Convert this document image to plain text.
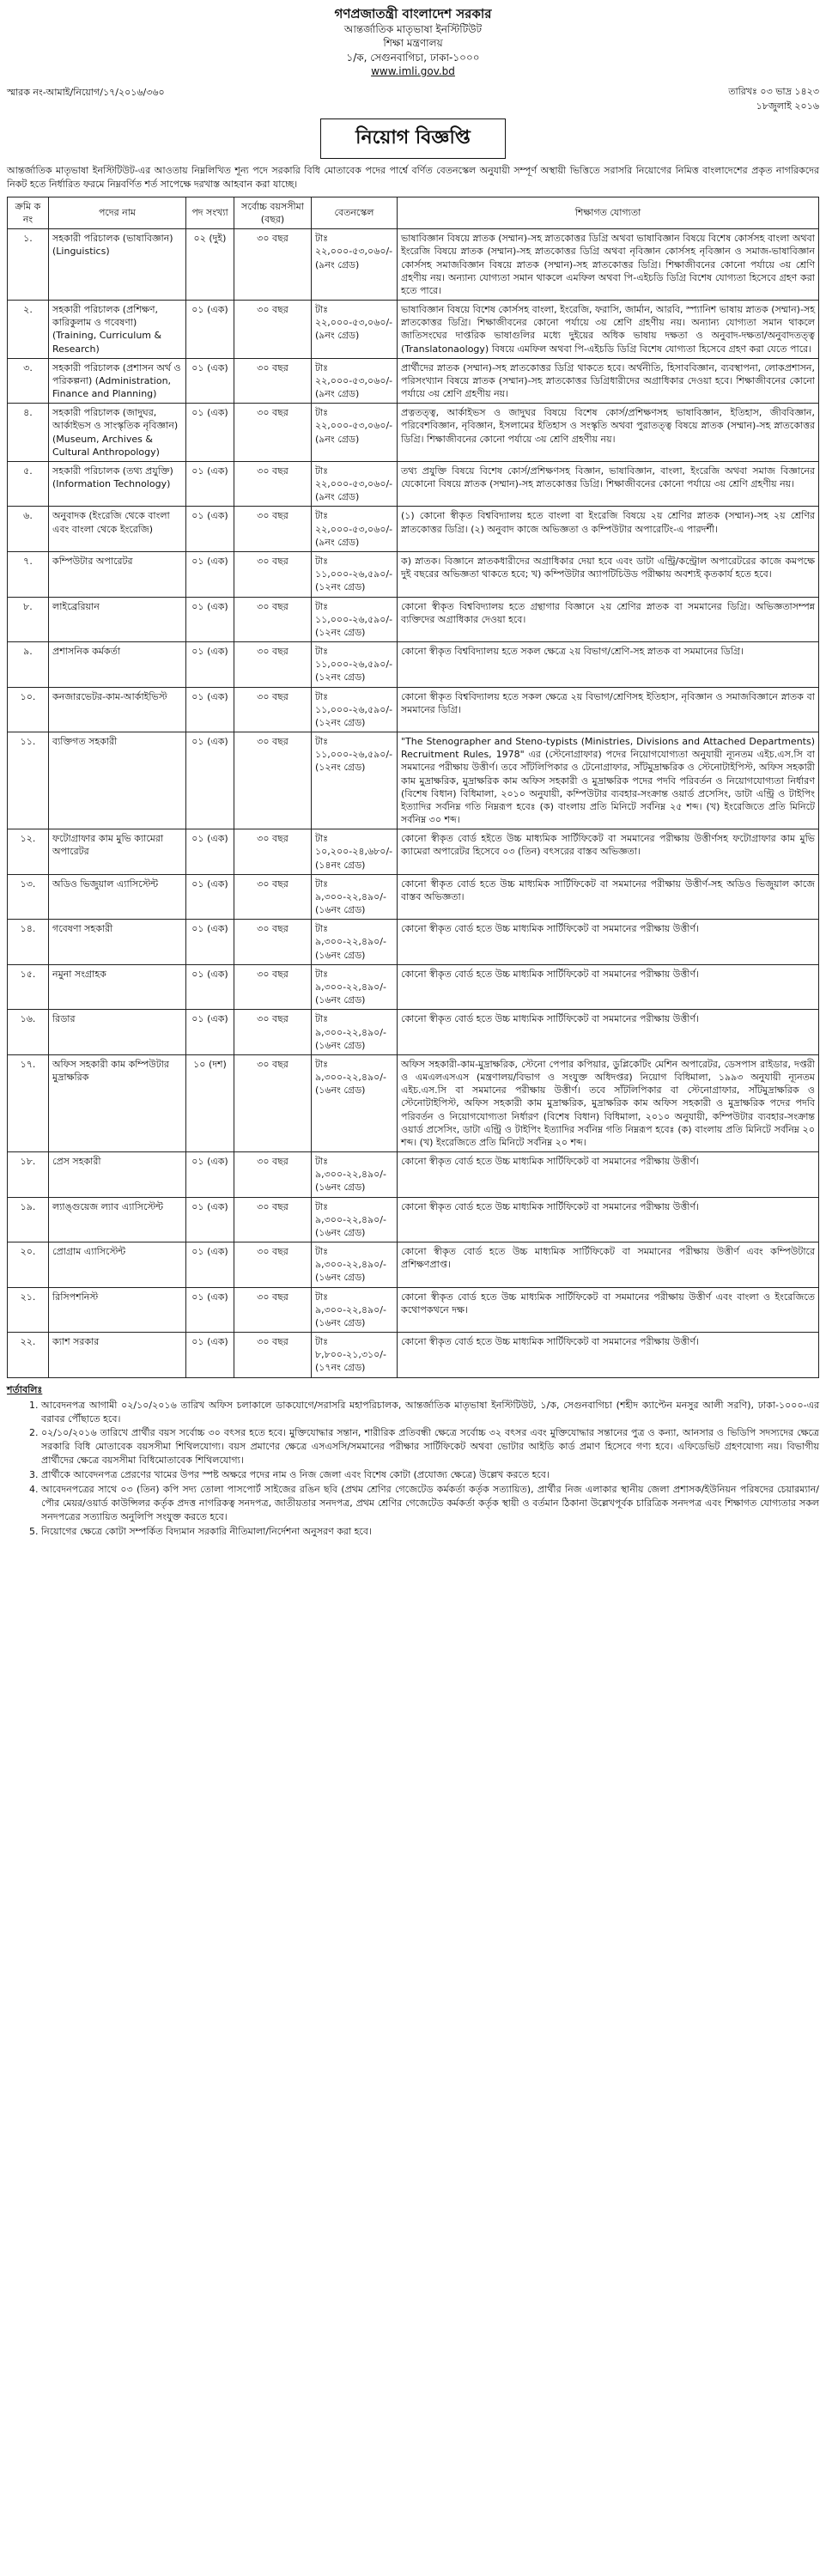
গণপ্রজাতন্ত্রী বাংলাদেশ সরকার
আন্তর্জাতিক মাতৃভাষা ইনস্টিটিউট
শিক্ষা মন্ত্রণালয়
১/ক, সেগুনবাগিচা, ঢাকা-১০০০
www.imli.gov.bd
স্মারক নং-আমাই/নিয়োগ/১৭/২০১৬/৩৬০	তারিখঃ ০৩ ভাদ্র ১৪২৩
১৮জুলাই ২০১৬
নিয়োগ বিজ্ঞপ্তি
আন্তর্জাতিক মাতৃভাষা ইনস্টিটিউট-এর আওতায় নিম্নলিখিত শূন্য পদে সরকারি বিধি মোতাবেক পদের পার্শ্বে বর্ণিত বেতনস্কেল অনুযায়ী সম্পূর্ণ অস্থায়ী ভিত্তিতে সরাসরি নিয়োগের নিমিত্ত বাংলাদেশের প্রকৃত নাগরিকদের নিকট হতে নির্ধারিত ফরমে নিম্নবর্ণিত শর্ত সাপেক্ষে দরখাস্ত আহবান করা যাচ্ছে।
ক্রমি ক নং	পদের নাম	পদ সংখ্যা	সর্বোচ্চ বয়সসীমা (বছর)	বেতনস্কেল	শিক্ষাগত যোগ্যতা
১.	সহকারী পরিচালক (ভাষাবিজ্ঞান) (Linguistics)	০২ (দুই)	৩০ বছর	টাঃ ২২,০০০-৫৩,০৬০/- (৯নং গ্রেড)	ভাষাবিজ্ঞান বিষয়ে স্নাতক (সম্মান)-সহ স্নাতকোত্তর ডিগ্রি অথবা ভাষাবিজ্ঞান বিষয়ে বিশেষ কোর্সসহ বাংলা অথবা ইংরেজি বিষয়ে স্নাতক (সম্মান)-সহ স্নাতকোত্তর ডিগ্রি অথবা নৃবিজ্ঞান কোর্সসহ নৃবিজ্ঞান ও সমাজ-ভাষাবিজ্ঞান কোর্সসহ সমাজবিজ্ঞান বিষয়ে স্নাতক (সম্মান)-সহ স্নাতকোত্তর ডিগ্রি। শিক্ষাজীবনের কোনো পর্যায়ে ৩য় শ্রেণি গ্রহণীয় নয়। অন্যান্য যোগ্যতা সমান থাকলে এমফিল অথবা পি-এইচডি ডিগ্রি বিশেষ যোগ্যতা হিসেবে গ্রহণ করা হতে পারে।
২.	সহকারী পরিচালক (প্রশিক্ষণ, কারিকুলাম ও গবেষণা) (Training, Curriculum & Research)	০১ (এক)	৩০ বছর	টাঃ ২২,০০০-৫৩,০৬০/- (৯নং গ্রেড)	ভাষাবিজ্ঞান বিষয়ে বিশেষ কোর্সসহ বাংলা, ইংরেজি, ফরাসি, জার্মান, আরবি, স্প্যানিশ ভাষায় স্নাতক (সম্মান)-সহ স্নাতকোত্তর ডিগ্রি। শিক্ষাজীবনের কোনো পর্যায়ে ৩য় শ্রেণি গ্রহণীয় নয়। অন্যান্য যোগ্যতা সমান থাকলে জাতিসংঘের দাপ্তরিক ভাষাগুলির মধ্যে দুইয়ের অধিক ভাষায় দক্ষতা ও অনুবাদ-দক্ষতা/অনুবাদতত্ত্ব (Translatonaology) বিষয়ে এমফিল অথবা পি-এইচডি ডিগ্রি বিশেষ যোগ্যতা হিসেবে গ্রহণ করা যেতে পারে।
৩.	সহকারী পরিচালক (প্রশাসন অর্থ ও পরিকল্পনা) (Administration, Finance and Planning)	০১ (এক)	৩০ বছর	টাঃ ২২,০০০-৫৩,০৬০/- (৯নং গ্রেড)	প্রার্থীদের স্নাতক (সম্মান)-সহ স্নাতকোত্তর ডিগ্রি থাকতে হবে। অর্থনীতি, হিসাববিজ্ঞান, ব্যবস্থাপনা, লোকপ্রশাসন, পরিসংখ্যান বিষয়ে স্নাতক (সম্মান)-সহ স্নাতকোত্তর ডিগ্রিধারীদের অগ্রাধিকার দেওয়া হবে। শিক্ষাজীবনের কোনো পর্যায়ে ৩য় শ্রেণি গ্রহণীয় নয়।
৪.	সহকারী পরিচালক (জাদুঘর, আর্কাইভস ও সাংস্কৃতিক নৃবিজ্ঞান) (Museum, Archives & Cultural Anthropology)	০১ (এক)	৩০ বছর	টাঃ ২২,০০০-৫৩,০৬০/- (৯নং গ্রেড)	প্রত্নতত্ত্ব, আর্কাইভস ও জাদুঘর বিষয়ে বিশেষ কোর্স/প্রশিক্ষণসহ ভাষাবিজ্ঞান, ইতিহাস, জীববিজ্ঞান, পরিবেশবিজ্ঞান, নৃবিজ্ঞান, ইসলামের ইতিহাস ও সংস্কৃতি অথবা পুরাতত্ত্ব বিষয়ে স্নাতক (সম্মান)-সহ স্নাতকোত্তর ডিগ্রি। শিক্ষাজীবনের কোনো পর্যায়ে ৩য় শ্রেণি গ্রহণীয় নয়।
৫.	সহকারী পরিচালক (তথ্য প্রযুক্তি) (Information Technology)	০১ (এক)	৩০ বছর	টাঃ ২২,০০০-৫৩,০৬০/- (৯নং গ্রেড)	তথ্য প্রযুক্তি বিষয়ে বিশেষ কোর্স/প্রশিক্ষণসহ বিজ্ঞান, ভাষাবিজ্ঞান, বাংলা, ইংরেজি অথবা সমাজ বিজ্ঞানের যেকোনো বিষয়ে স্নাতক (সম্মান)-সহ স্নাতকোত্তর ডিগ্রি। শিক্ষাজীবনের কোনো পর্যায়ে ৩য় শ্রেণি গ্রহণীয় নয়।
৬.	অনুবাদক (ইংরেজি থেকে বাংলা এবং বাংলা থেকে ইংরেজি)	০১ (এক)	৩০ বছর	টাঃ ২২,০০০-৫৩,০৬০/- (৯নং গ্রেড)	(১) কোনো স্বীকৃত বিশ্ববিদ্যালয় হতে বাংলা বা ইংরেজি বিষয়ে ২য় শ্রেণির স্নাতক (সম্মান)-সহ ২য় শ্রেণির স্নাতকোত্তর ডিগ্রি। (২) অনুবাদ কাজে অভিজ্ঞতা ও কম্পিউটার অপারেটিং-এ পারদর্শী।
৭.	কম্পিউটার অপারেটর	০১ (এক)	৩০ বছর	টাঃ ১১,০০০-২৬,৫৯০/- (১২নং গ্রেড)	ক) স্নাতক। বিজ্ঞানে স্নাতকধারীদের অগ্রাধিকার দেয়া হবে এবং ডাটা এন্ট্রি/কন্ট্রোল অপারেটরের কাজে কমপক্ষে দুই বছরের অভিজ্ঞতা থাকতে হবে; খ) কম্পিউটার অ্যাপটিচিউড পরীক্ষায় অবশ্যই কৃতকার্য হতে হবে।
৮.	লাইব্রেরিয়ান	০১ (এক)	৩০ বছর	টাঃ ১১,০০০-২৬,৫৯০/- (১২নং গ্রেড)	কোনো স্বীকৃত বিশ্ববিদ্যালয় হতে গ্রন্থাগার বিজ্ঞানে ২য় শ্রেণির স্নাতক বা সমমানের ডিগ্রি। অভিজ্ঞতাসম্পন্ন ব্যক্তিদের অগ্রাধিকার দেওয়া হবে।
৯.	প্রশাসনিক কর্মকর্তা	০১ (এক)	৩০ বছর	টাঃ ১১,০০০-২৬,৫৯০/- (১২নং গ্রেড)	কোনো স্বীকৃত বিশ্ববিদ্যালয় হতে সকল ক্ষেত্রে ২য় বিভাগ/শ্রেণি-সহ স্নাতক বা সমমানের ডিগ্রি।
১০.	কনজারভেটর-কাম-আর্কাইভিস্ট	০১ (এক)	৩০ বছর	টাঃ ১১,০০০-২৬,৫৯০/- (১২নং গ্রেড)	কোনো স্বীকৃত বিশ্ববিদ্যালয় হতে সকল ক্ষেত্রে ২য় বিভাগ/শ্রেণিসহ ইতিহাস, নৃবিজ্ঞান ও সমাজবিজ্ঞানে স্নাতক বা সমমানের ডিগ্রি।
১১.	ব্যক্তিগত সহকারী	০১ (এক)	৩০ বছর	টাঃ ১১,০০০-২৬,৫৯০/- (১২নং গ্রেড)	"The Stenographer and Steno-typists (Ministries, Divisions and Attached Departments) Recruitment Rules, 1978" এর (স্টেনোগ্রাফার) পদের নিয়োগযোগ্যতা অনুযায়ী ন্যূনতম এইচ.এস.সি বা সমমানের পরীক্ষায় উত্তীর্ণ। তবে সাঁটলিপিকার ও টেনোগ্রাফার, সাঁটমুদ্রাক্ষরিক ও স্টেনোটাইপিস্ট, অফিস সহকারী কাম মুদ্রাক্ষরিক, মুদ্রাক্ষরিক কাম অফিস সহকারী ও মুদ্রাক্ষরিক পদের পদবি পরিবর্তন ও নিয়োগযোগ্যতা নির্ধারণ (বিশেষ বিধান) বিধিমালা, ২০১০ অনুযায়ী, কম্পিউটার ব্যবহার-সংক্রান্ত ওয়ার্ড প্রসেসিং, ডাটা এন্ট্রি ও টাইপিং ইত্যাদির সর্বনিম্ন গতি নিম্নরূপ হবেঃ (ক) বাংলায় প্রতি মিনিটে সর্বনিম্ন ২৫ শব্দ। (খ) ইংরেজিতে প্রতি মিনিটে সর্বনিম্ন ৩০ শব্দ।
১২.	ফটোগ্রাফার কাম মুভি ক্যামেরা অপারেটর	০১ (এক)	৩০ বছর	টাঃ ১০,২০০-২৪,৬৮০/- (১৪নং গ্রেড)	কোনো স্বীকৃত বোর্ড হইতে উচ্চ মাধ্যমিক সার্টিফিকেট বা সমমানের পরীক্ষায় উত্তীর্ণসহ ফটোগ্রাফার কাম মুভি ক্যামেরা অপারেটর হিসেবে ০৩ (তিন) বৎসরের বাস্তব অভিজ্ঞতা।
১৩.	অডিও ভিজুয়াল এ্যাসিস্টেন্ট	০১ (এক)	৩০ বছর	টাঃ ৯,৩০০-২২,৪৯০/- (১৬নং গ্রেড)	কোনো স্বীকৃত বোর্ড হতে উচ্চ মাধ্যমিক সার্টিফিকেট বা সমমানের পরীক্ষায় উত্তীর্ণ-সহ অডিও ভিজুয়াল কাজে বাস্তব অভিজ্ঞতা।
১৪.	গবেষণা সহকারী	০১ (এক)	৩০ বছর	টাঃ ৯,৩০০-২২,৪৯০/- (১৬নং গ্রেড)	কোনো স্বীকৃত বোর্ড হতে উচ্চ মাধ্যমিক সার্টিফিকেট বা সমমানের পরীক্ষায় উত্তীর্ণ।
১৫.	নমুনা সংগ্রাহক	০১ (এক)	৩০ বছর	টাঃ ৯,৩০০-২২,৪৯০/- (১৬নং গ্রেড)	কোনো স্বীকৃত বোর্ড হতে উচ্চ মাধ্যমিক সার্টিফিকেট বা সমমানের পরীক্ষায় উত্তীর্ণ।
১৬.	রিডার	০১ (এক)	৩০ বছর	টাঃ ৯,৩০০-২২,৪৯০/- (১৬নং গ্রেড)	কোনো স্বীকৃত বোর্ড হতে উচ্চ মাধ্যমিক সার্টিফিকেট বা সমমানের পরীক্ষায় উত্তীর্ণ।
১৭.	অফিস সহকারী কাম কম্পিউটার মুদ্রাক্ষরিক	১০ (দশ)	৩০ বছর	টাঃ ৯,৩০০-২২,৪৯০/- (১৬নং গ্রেড)	অফিস সহকারী-কাম-মুদ্রাক্ষরিক, স্টেনো পেপার কপিয়ার, ডুপ্লিকেটিং মেশিন অপারেটর, ডেসপাস রাইডার, দপ্তরী ও এমএলএসএস (মন্ত্রণালয়/বিভাগ ও সংযুক্ত অধিদপ্তর) নিয়োগ বিধিমালা, ১৯৯৩ অনুযায়ী ন্যূনতম এইচ.এস.সি বা সমমানের পরীক্ষায় উত্তীর্ণ। তবে সাঁটলিপিকার বা স্টেনোগ্রাফার, সাঁটমুদ্রাক্ষরিক ও স্টেনোটাইপিস্ট, অফিস সহকারী কাম মুদ্রাক্ষরিক, মুদ্রাক্ষরিক কাম অফিস সহকারী ও মুদ্রাক্ষরিক পদের পদবি পরিবর্তন ও নিয়োগযোগ্যতা নির্ধারণ (বিশেষ বিধান) বিধিমালা, ২০১০ অনুযায়ী, কম্পিউটার ব্যবহার-সংক্রান্ত ওয়ার্ড প্রসেসিং, ডাটা এন্ট্রি ও টাইপিং ইত্যাদির সর্বনিম্ন গতি নিম্নরূপ হবেঃ (ক) বাংলায় প্রতি মিনিটে সর্বনিম্ন ২০ শব্দ। (খ) ইংরেজিতে প্রতি মিনিটে সর্বনিম্ন ২০ শব্দ।
১৮.	প্রেস সহকারী	০১ (এক)	৩০ বছর	টাঃ ৯,৩০০-২২,৪৯০/- (১৬নং গ্রেড)	কোনো স্বীকৃত বোর্ড হতে উচ্চ মাধ্যমিক সার্টিফিকেট বা সমমানের পরীক্ষায় উত্তীর্ণ।
১৯.	ল্যাঙ্গুয়েজ ল্যাব এ্যাসিস্টেন্ট	০১ (এক)	৩০ বছর	টাঃ ৯,৩০০-২২,৪৯০/- (১৬নং গ্রেড)	কোনো স্বীকৃত বোর্ড হতে উচ্চ মাধ্যমিক সার্টিফিকেট বা সমমানের পরীক্ষায় উত্তীর্ণ।
২০.	প্রোগ্রাম এ্যাসিস্টেন্ট	০১ (এক)	৩০ বছর	টাঃ ৯,৩০০-২২,৪৯০/- (১৬নং গ্রেড)	কোনো স্বীকৃত বোর্ড হতে উচ্চ মাধ্যমিক সার্টিফিকেট বা সমমানের পরীক্ষায় উত্তীর্ণ এবং কম্পিউটারে প্রশিক্ষণপ্রাপ্ত।
২১.	রিসিপশনিস্ট	০১ (এক)	৩০ বছর	টাঃ ৯,৩০০-২২,৪৯০/- (১৬নং গ্রেড)	কোনো স্বীকৃত বোর্ড হতে উচ্চ মাধ্যমিক সার্টিফিকেট বা সমমানের পরীক্ষায় উত্তীর্ণ এবং বাংলা ও ইংরেজিতে কথোপকথনে দক্ষ।
২২.	ক্যাশ সরকার	০১ (এক)	৩০ বছর	টাঃ ৮,৮০০-২১,৩১০/- (১৭নং গ্রেড)	কোনো স্বীকৃত বোর্ড হতে উচ্চ মাধ্যমিক সার্টিফিকেট বা সমমানের পরীক্ষায় উত্তীর্ণ।
শর্তাবলিঃ
1. আবেদনপত্র আগামী ০২/১০/২০১৬ তারিখ অফিস চলাকালে ডাকযোগে/সরাসরি মহাপরিচালক, আন্তর্জাতিক মাতৃভাষা ইনস্টিটিউট, ১/ক, সেগুনবাগিচা (শহীদ ক্যাপ্টেন মনসুর আলী সরণি), ঢাকা-১০০০-এর বরাবর পৌঁছাতে হবে।
2. ০২/১০/২০১৬ তারিখে প্রার্থীর বয়স সর্বোচ্চ ৩০ বৎসর হতে হবে। মুক্তিযোদ্ধার সন্তান, শারীরিক প্রতিবন্ধী ক্ষেত্রে সর্বোচ্চ ৩২ বৎসর এবং মুক্তিযোদ্ধার সন্তানের পুত্র ও কন্যা, আনসার ও ভিডিপি সদস্যদের ক্ষেত্রে সরকারি বিধি মোতাবেক বয়সসীমা শিথিলযোগ্য। বয়স প্রমাণের ক্ষেত্রে এসএসসি/সমমানের পরীক্ষার সার্টিফিকেট অথবা ভোটার আইডি কার্ড প্রমাণ হিসেবে গণ্য হবে। এফিডেভিট গ্রহণযোগ্য নয়। বিভাগীয় প্রার্থীদের ক্ষেত্রে বয়সসীমা বিধিমোতাবেক শিথিলযোগ্য।
3. প্রার্থীকে আবেদনপত্র প্রেরণের খামের উপর স্পষ্ট অক্ষরে পদের নাম ও নিজ জেলা এবং বিশেষ কোটা (প্রযোজ্য ক্ষেত্রে) উল্লেখ করতে হবে।
4. আবেদনপত্রের সাথে ০৩ (তিন) কপি সদ্য তোলা পাসপোর্ট সাইজের রঙিন ছবি (প্রথম শ্রেণির গেজেটেড কর্মকর্তা কর্তৃক সত্যায়িত), প্রার্থীর নিজ এলাকার স্থানীয় জেলা প্রশাসক/ইউনিয়ন পরিষদের চেয়ারম্যান/পৌর মেয়র/ওয়ার্ড কাউন্সিলর কর্তৃক প্রদত্ত নাগরিকত্ব সনদপত্র, জাতীয়তার সনদপত্র, প্রথম শ্রেণির গেজেটেড কর্মকর্তা কর্তৃক স্থায়ী ও বর্তমান ঠিকানা উল্লেখপূর্বক চারিত্রিক সনদপত্র এবং শিক্ষাগত যোগ্যতার সকল সনদপত্রের সত্যায়িত অনুলিপি সংযুক্ত করতে হবে।
5. নিয়োগের ক্ষেত্রে কোটা সম্পর্কিত বিদ্যমান সরকারি নীতিমালা/নির্দেশনা অনুসরণ করা হবে।
